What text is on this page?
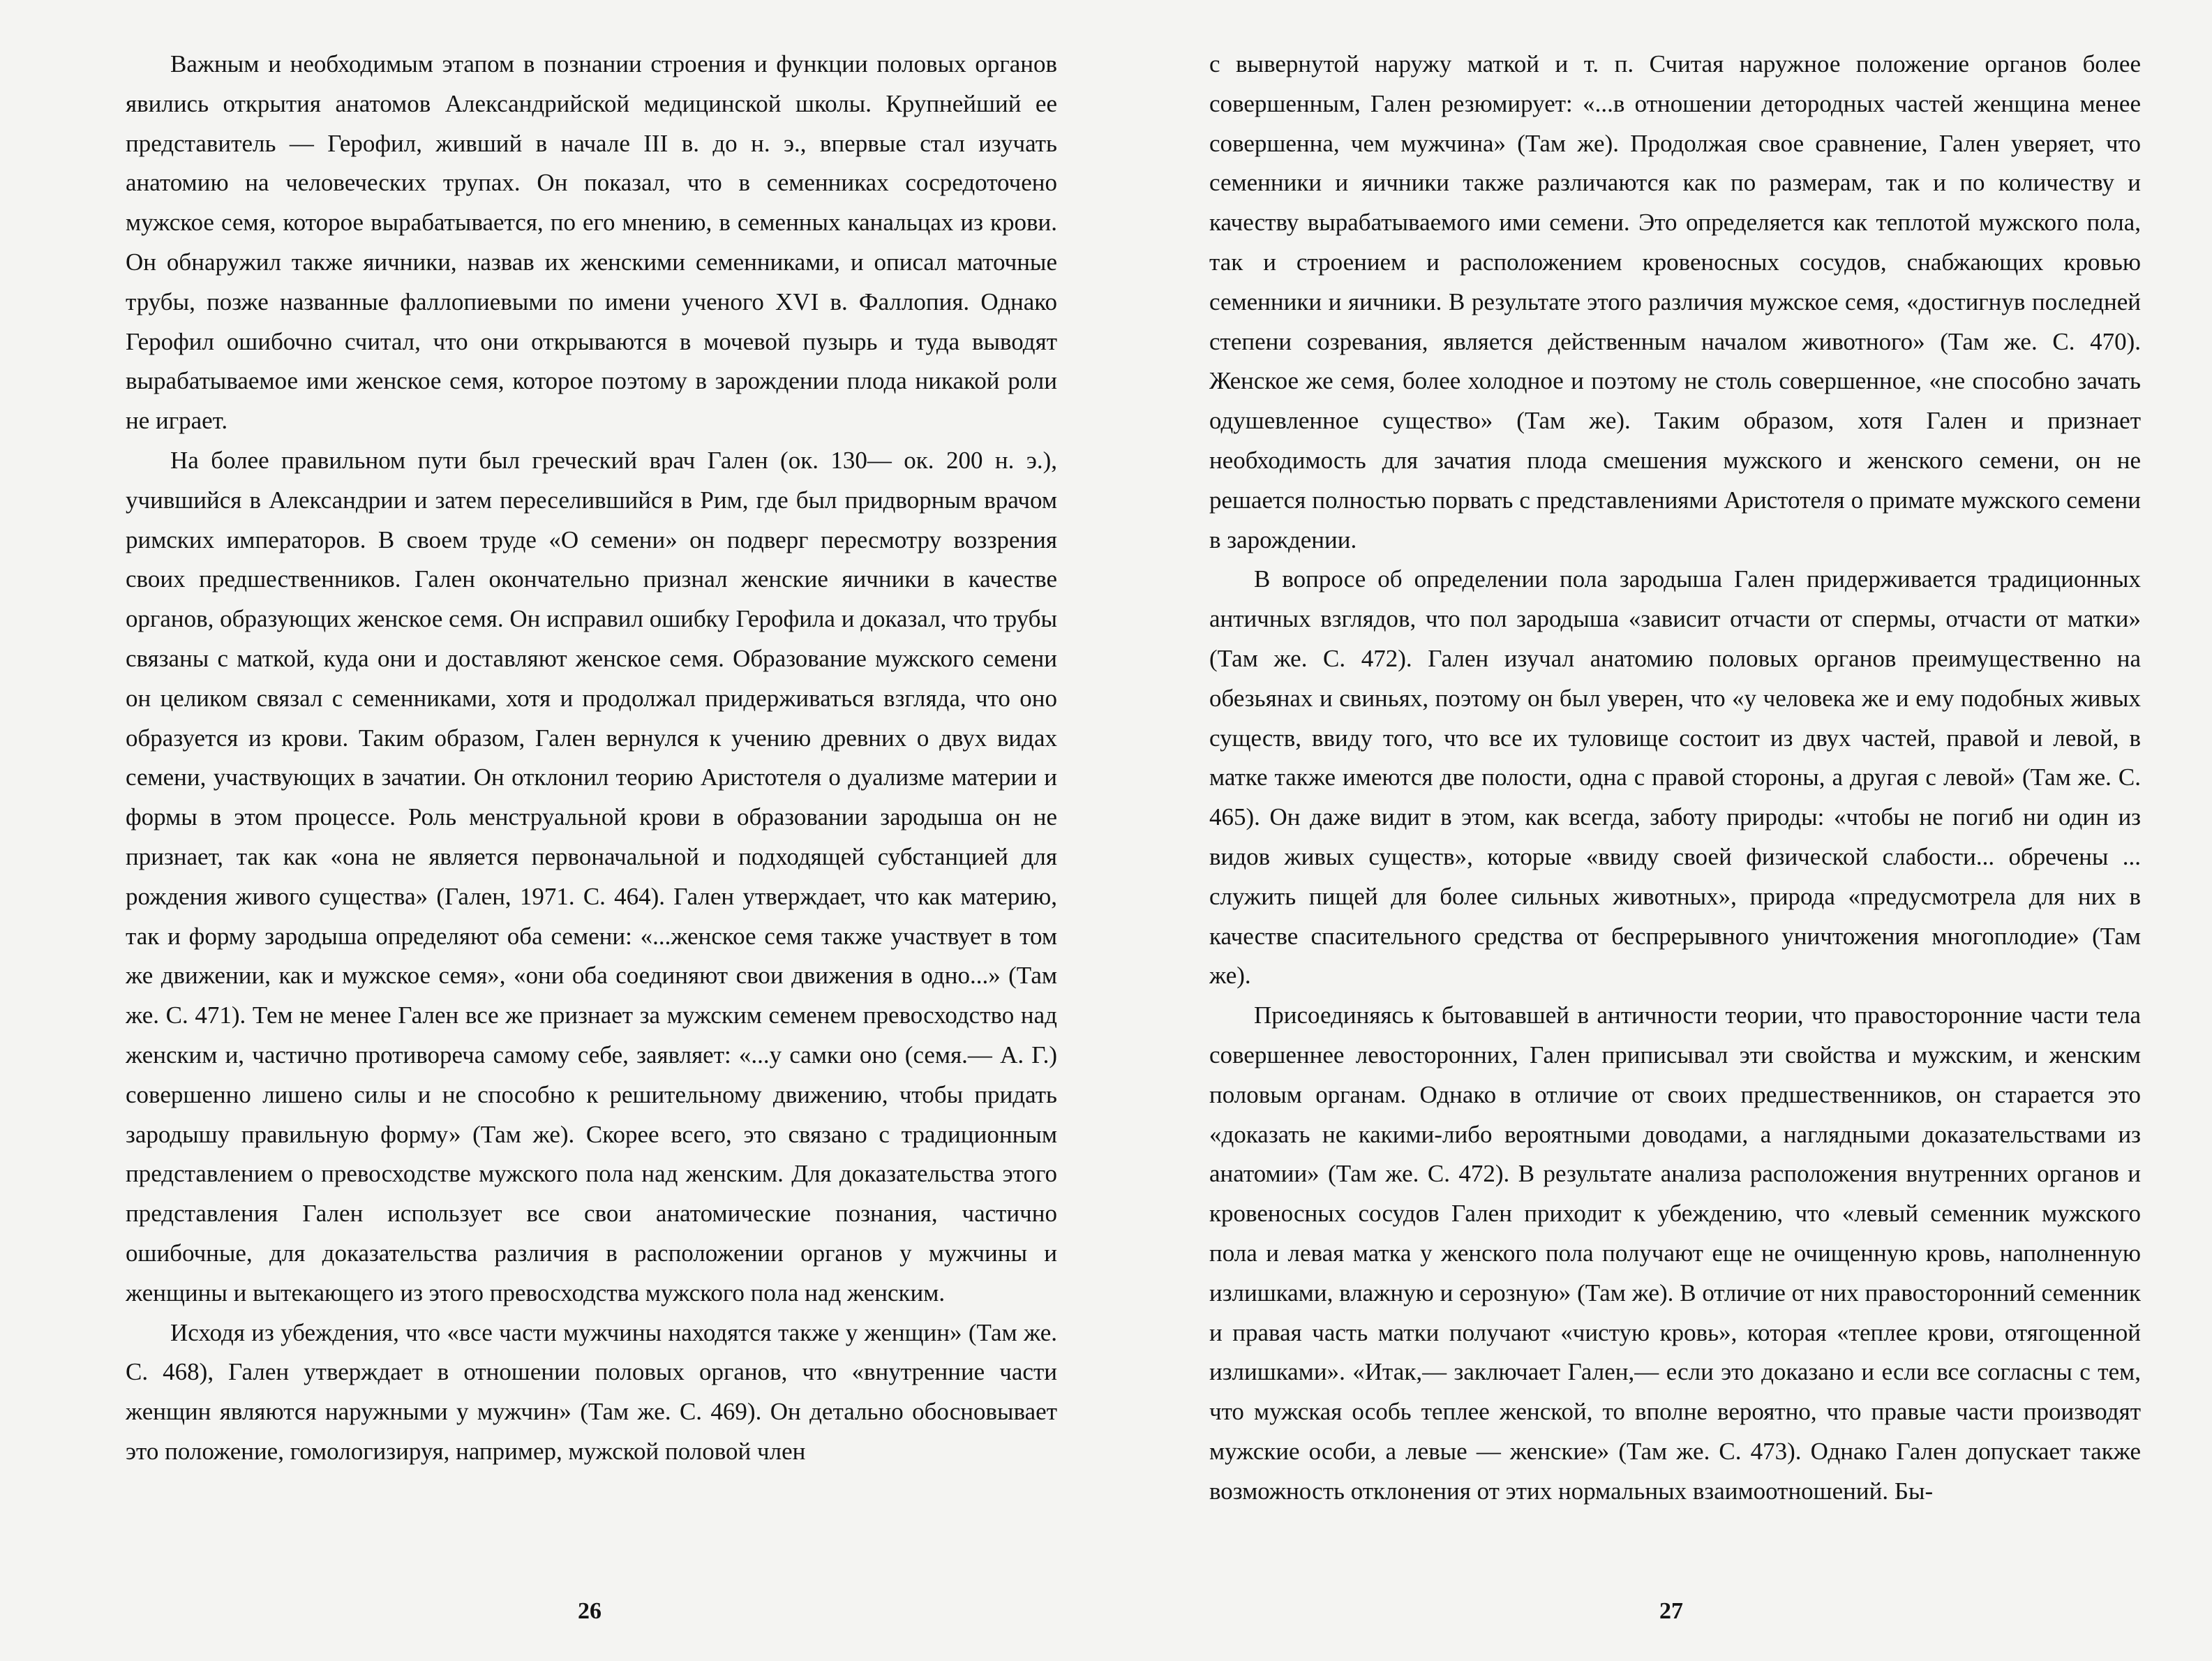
Важным и необходимым этапом в познании строения и функции половых органов явились открытия анатомов Александрийской медицинской школы. Крупнейший ее представитель — Герофил, живший в начале III в. до н. э., впервые стал изучать анатомию на человеческих трупах. Он показал, что в семенниках сосредоточено мужское семя, которое вырабатывается, по его мнению, в семенных канальцах из крови. Он обнаружил также яичники, назвав их женскими семенниками, и описал маточные трубы, позже названные фаллопиевыми по имени ученого XVI в. Фаллопия. Однако Герофил ошибочно считал, что они открываются в мочевой пузырь и туда выводят вырабатываемое ими женское семя, которое поэтому в зарождении плода никакой роли не играет.

На более правильном пути был греческий врач Гален (ок. 130— ок. 200 н. э.), учившийся в Александрии и затем переселившийся в Рим, где был придворным врачом римских императоров. В своем труде «О семени» он подверг пересмотру воззрения своих предшественников. Гален окончательно признал женские яичники в качестве органов, образующих женское семя. Он исправил ошибку Герофила и доказал, что трубы связаны с маткой, куда они и доставляют женское семя. Образование мужского семени он целиком связал с семенниками, хотя и продолжал придерживаться взгляда, что оно образуется из крови. Таким образом, Гален вернулся к учению древних о двух видах семени, участвующих в зачатии. Он отклонил теорию Аристотеля о дуализме материи и формы в этом процессе. Роль менструальной крови в образовании зародыша он не признает, так как «она не является первоначальной и подходящей субстанцией для рождения живого существа» (Гален, 1971. С. 464). Гален утверждает, что как материю, так и форму зародыша определяют оба семени: «...женское семя также участвует в том же движении, как и мужское семя», «они оба соединяют свои движения в одно...» (Там же. С. 471). Тем не менее Гален все же признает за мужским семенем превосходство над женским и, частично противореча самому себе, заявляет: «...у самки оно (семя.— А. Г.) совершенно лишено силы и не способно к решительному движению, чтобы придать зародышу правильную форму» (Там же). Скорее всего, это связано с традиционным представлением о превосходстве мужского пола над женским. Для доказательства этого представления Гален использует все свои анатомические познания, частично ошибочные, для доказательства различия в расположении органов у мужчины и женщины и вытекающего из этого превосходства мужского пола над женским.

Исходя из убеждения, что «все части мужчины находятся также у женщин» (Там же. С. 468), Гален утверждает в отношении половых органов, что «внутренние части женщин являются наружными у мужчин» (Там же. С. 469). Он детально обосновывает это положение, гомологизируя, например, мужской половой член

26

с вывернутой наружу маткой и т. п. Считая наружное положение органов более совершенным, Гален резюмирует: «...в отношении детородных частей женщина менее совершенна, чем мужчина» (Там же). Продолжая свое сравнение, Гален уверяет, что семенники и яичники также различаются как по размерам, так и по количеству и качеству вырабатываемого ими семени. Это определяется как теплотой мужского пола, так и строением и расположением кровеносных сосудов, снабжающих кровью семенники и яичники. В результате этого различия мужское семя, «достигнув последней степени созревания, является действенным началом животного» (Там же. С. 470). Женское же семя, более холодное и поэтому не столь совершенное, «не способно зачать одушевленное существо» (Там же). Таким образом, хотя Гален и признает необходимость для зачатия плода смешения мужского и женского семени, он не решается полностью порвать с представлениями Аристотеля о примате мужского семени в зарождении.

В вопросе об определении пола зародыша Гален придерживается традиционных античных взглядов, что пол зародыша «зависит отчасти от спермы, отчасти от матки» (Там же. С. 472). Гален изучал анатомию половых органов преимущественно на обезьянах и свиньях, поэтому он был уверен, что «у человека же и ему подобных живых существ, ввиду того, что все их туловище состоит из двух частей, правой и левой, в матке также имеются две полости, одна с правой стороны, а другая с левой» (Там же. С. 465). Он даже видит в этом, как всегда, заботу природы: «чтобы не погиб ни один из видов живых существ», которые «ввиду своей физической слабости... обречены ... служить пищей для более сильных животных», природа «предусмотрела для них в качестве спасительного средства от беспрерывного уничтожения многоплодие» (Там же).

Присоединяясь к бытовавшей в античности теории, что правосторонние части тела совершеннее левосторонних, Гален приписывал эти свойства и мужским, и женским половым органам. Однако в отличие от своих предшественников, он старается это «доказать не какими-либо вероятными доводами, а наглядными доказательствами из анатомии» (Там же. С. 472). В результате анализа расположения внутренних органов и кровеносных сосудов Гален приходит к убеждению, что «левый семенник мужского пола и левая матка у женского пола получают еще не очищенную кровь, наполненную излишками, влажную и серозную» (Там же). В отличие от них правосторонний семенник и правая часть матки получают «чистую кровь», которая «теплее крови, отягощенной излишками». «Итак,— заключает Гален,— если это доказано и если все согласны с тем, что мужская особь теплее женской, то вполне вероятно, что правые части производят мужские особи, а левые — женские» (Там же. С. 473). Однако Гален допускает также возможность отклонения от этих нормальных взаимоотношений. Бы-

27
